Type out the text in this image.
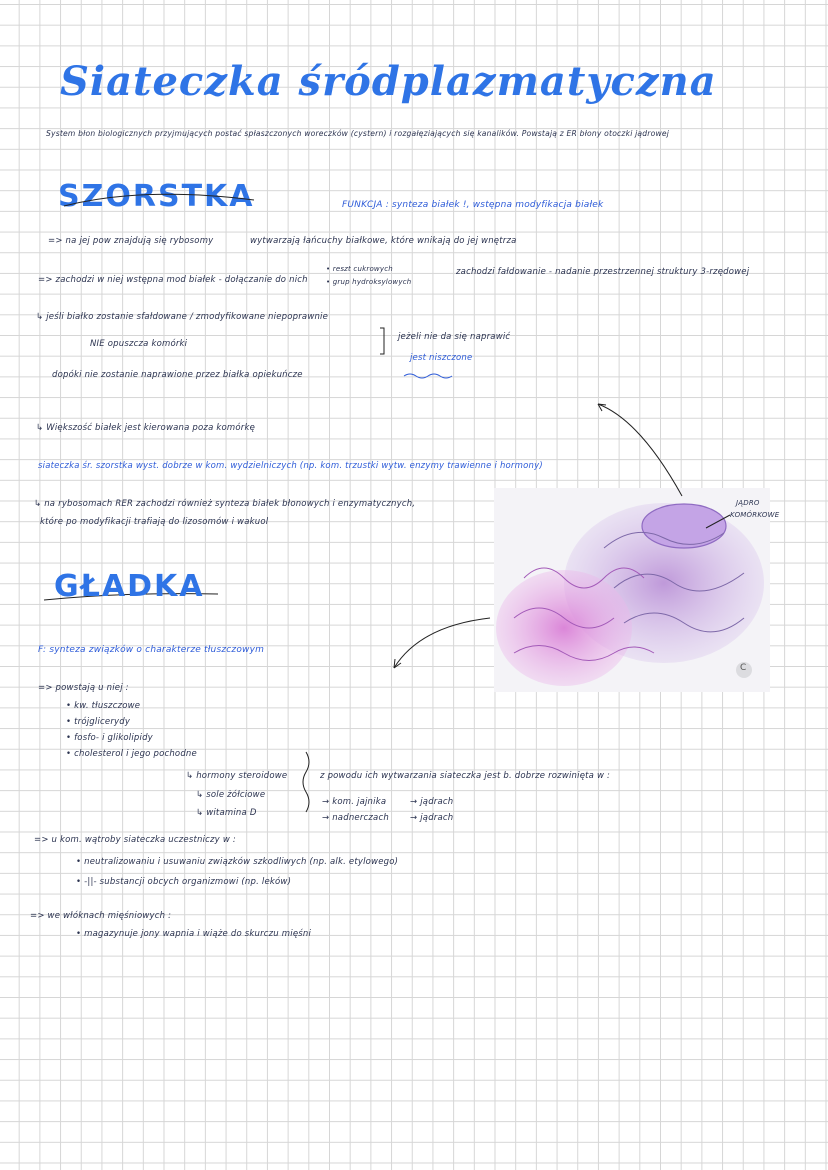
Siateczka śródplazmatyczna
System błon biologicznych przyjmujących postać spłaszczonych woreczków (cystern) i rozgałęziających się kanalików. Powstają z ER błony otoczki jądrowej
SZORSTKA	FUNKCJA : synteza białek !, wstępna modyfikacja białek
=> na jej pow znajdują się rybosomy	wytwarzają łańcuchy białkowe, które wnikają do jej wnętrza
=> zachodzi w niej wstępna mod białek - dołączanie do nich
• reszt cukrowych
• grup hydroksylowych
zachodzi fałdowanie - nadanie przestrzennej struktury 3-rzędowej
↳ jeśli białko zostanie sfałdowane / zmodyfikowane niepoprawnie
NIE opuszcza komórki
dopóki nie zostanie naprawione przez białka opiekuńcze
jeżeli nie da się naprawić
jest niszczone
↳ Większość białek jest kierowana poza komórkę
siateczka śr. szorstka wyst. dobrze w kom. wydzielniczych (np. kom. trzustki wytw. enzymy trawienne i hormony)
↳ na rybosomach RER zachodzi również synteza białek błonowych i enzymatycznych,
które po modyfikacji trafiają do lizosomów i wakuol
C
JĄDRO
KOMÓRKOWE
GŁADKA
F: synteza związków o charakterze tłuszczowym
=> powstają u niej :
• kw. tłuszczowe
• trójglicerydy
• fosfo- i glikolipidy
• cholesterol i jego pochodne
↳ hormony steroidowe
↳ sole żółciowe
↳ witamina D
z powodu ich wytwarzania siateczka jest b. dobrze rozwinięta w :
→ kom. jajnika	→ jądrach
→ nadnerczach → jądrach
=> u kom. wątroby siateczka uczestniczy w :
• neutralizowaniu i usuwaniu związków szkodliwych (np. alk. etylowego)
• -||- substancji obcych organizmowi (np. leków)
=> we włóknach mięśniowych :
• magazynuje jony wapnia i wiąże do skurczu mięśni
